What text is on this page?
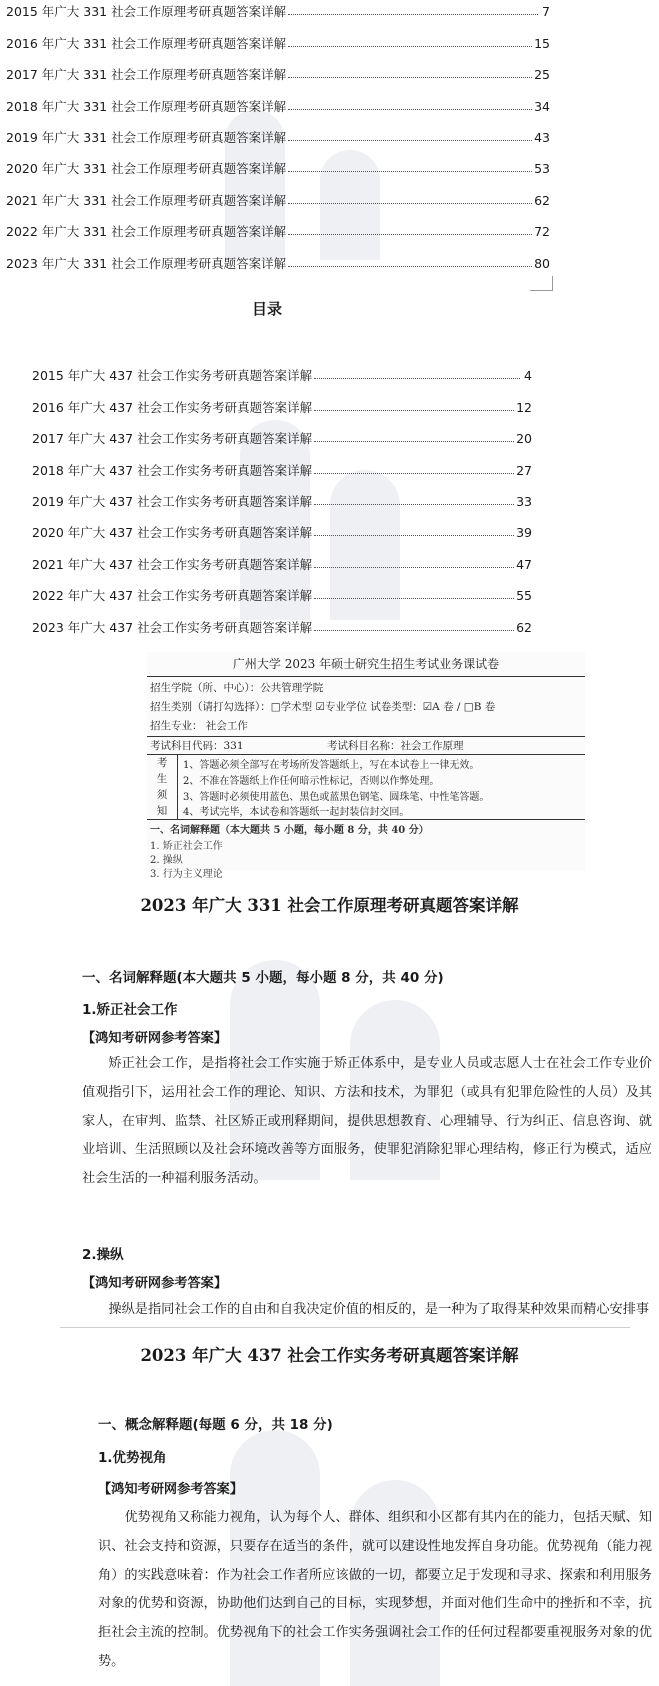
2015 年广大 331 社会工作原理考研真题答案详解	7
2016 年广大 331 社会工作原理考研真题答案详解	15
2017 年广大 331 社会工作原理考研真题答案详解	25
2018 年广大 331 社会工作原理考研真题答案详解	34
2019 年广大 331 社会工作原理考研真题答案详解	43
2020 年广大 331 社会工作原理考研真题答案详解	53
2021 年广大 331 社会工作原理考研真题答案详解	62
2022 年广大 331 社会工作原理考研真题答案详解	72
2023 年广大 331 社会工作原理考研真题答案详解	80
目录
2015 年广大 437 社会工作实务考研真题答案详解	4
2016 年广大 437 社会工作实务考研真题答案详解	12
2017 年广大 437 社会工作实务考研真题答案详解	20
2018 年广大 437 社会工作实务考研真题答案详解	27
2019 年广大 437 社会工作实务考研真题答案详解	33
2020 年广大 437 社会工作实务考研真题答案详解	39
2021 年广大 437 社会工作实务考研真题答案详解	47
2022 年广大 437 社会工作实务考研真题答案详解	55
2023 年广大 437 社会工作实务考研真题答案详解	62
广州大学 2023 年硕士研究生招生考试业务课试卷
招生学院（所、中心）：公共管理学院
招生类别（请打勾选择）：□学术型 ☑专业学位 试卷类型：☑A 卷 / □B 卷
招生专业： 社会工作
考试科目代码：331	考试科目名称：社会工作原理
考
生
须
知
1、答题必须全部写在考场所发答题纸上，写在本试卷上一律无效。
2、不准在答题纸上作任何暗示性标记，否则以作弊处理。
3、答题时必须使用蓝色、黑色或蓝黑色钢笔、圆珠笔、中性笔答题。
4、考试完毕，本试卷和答题纸一起封装信封交回。
一、名词解释题（本大题共 5 小题，每小题 8 分，共 40 分）
1. 矫正社会工作
2. 操纵
3. 行为主义理论
2023 年广大 331 社会工作原理考研真题答案详解
一、名词解释题(本大题共 5 小题，每小题 8 分，共 40 分)
1.矫正社会工作
【鸿知考研网参考答案】

矫正社会工作，是指将社会工作实施于矫正体系中，是专业人员或志愿人士在社会工作专业价值观指引下，运用社会工作的理论、知识、方法和技术，为罪犯（或具有犯罪危险性的人员）及其家人，在审判、监禁、社区矫正或刑释期间，提供思想教育、心理辅导、行为纠正、信息咨询、就业培训、生活照顾以及社会环境改善等方面服务，使罪犯消除犯罪心理结构，修正行为模式，适应社会生活的一种福利服务活动。

2.操纵
【鸿知考研网参考答案】

操纵是指同社会工作的自由和自我决定价值的相反的，是一种为了取得某种效果而精心安排事

2023 年广大 437 社会工作实务考研真题答案详解
一、概念解释题(每题 6 分，共 18 分)
1.优势视角
【鸿知考研网参考答案】

优势视角又称能力视角，认为每个人、群体、组织和小区都有其内在的能力，包括天赋、知识、社会支持和资源，只要存在适当的条件，就可以建设性地发挥自身功能。优势视角（能力视角）的实践意味着：作为社会工作者所应该做的一切，都要立足于发现和寻求、探索和利用服务对象的优势和资源，协助他们达到自己的目标，实现梦想，并面对他们生命中的挫折和不幸，抗拒社会主流的控制。优势视角下的社会工作实务强调社会工作的任何过程都要重视服务对象的优势。
